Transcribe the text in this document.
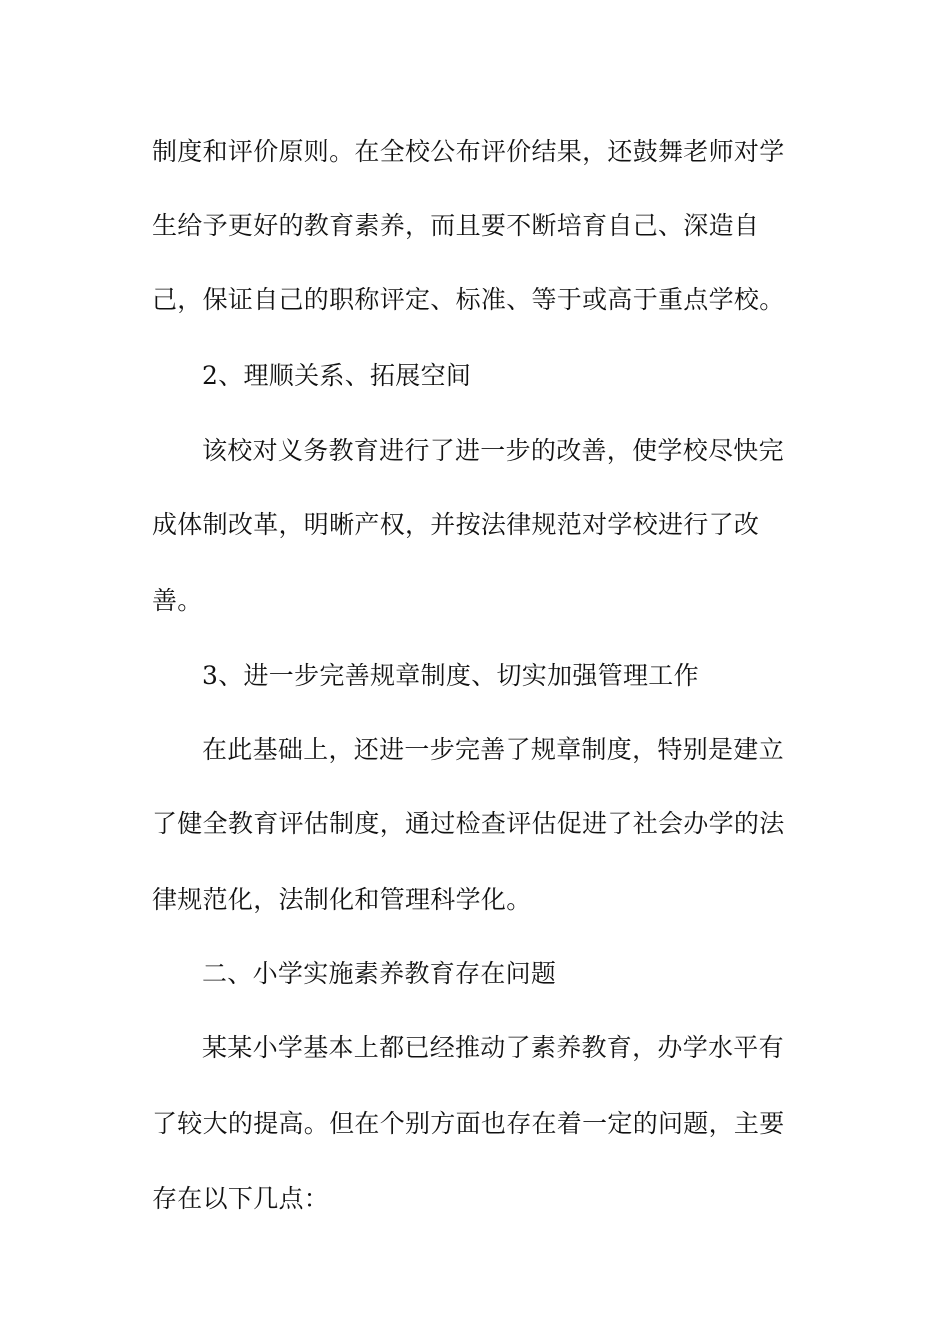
制度和评价原则。在全校公布评价结果，还鼓舞老师对学
生给予更好的教育素养，而且要不断培育自己、深造自
己，保证自己的职称评定、标准、等于或高于重点学校。
2、理顺关系、拓展空间
该校对义务教育进行了进一步的改善，使学校尽快完
成体制改革，明晰产权，并按法律规范对学校进行了改
善。
3、进一步完善规章制度、切实加强管理工作
在此基础上，还进一步完善了规章制度，特别是建立
了健全教育评估制度，通过检查评估促进了社会办学的法
律规范化，法制化和管理科学化。
二、小学实施素养教育存在问题
某某小学基本上都已经推动了素养教育，办学水平有
了较大的提高。但在个别方面也存在着一定的问题，主要
存在以下几点：
